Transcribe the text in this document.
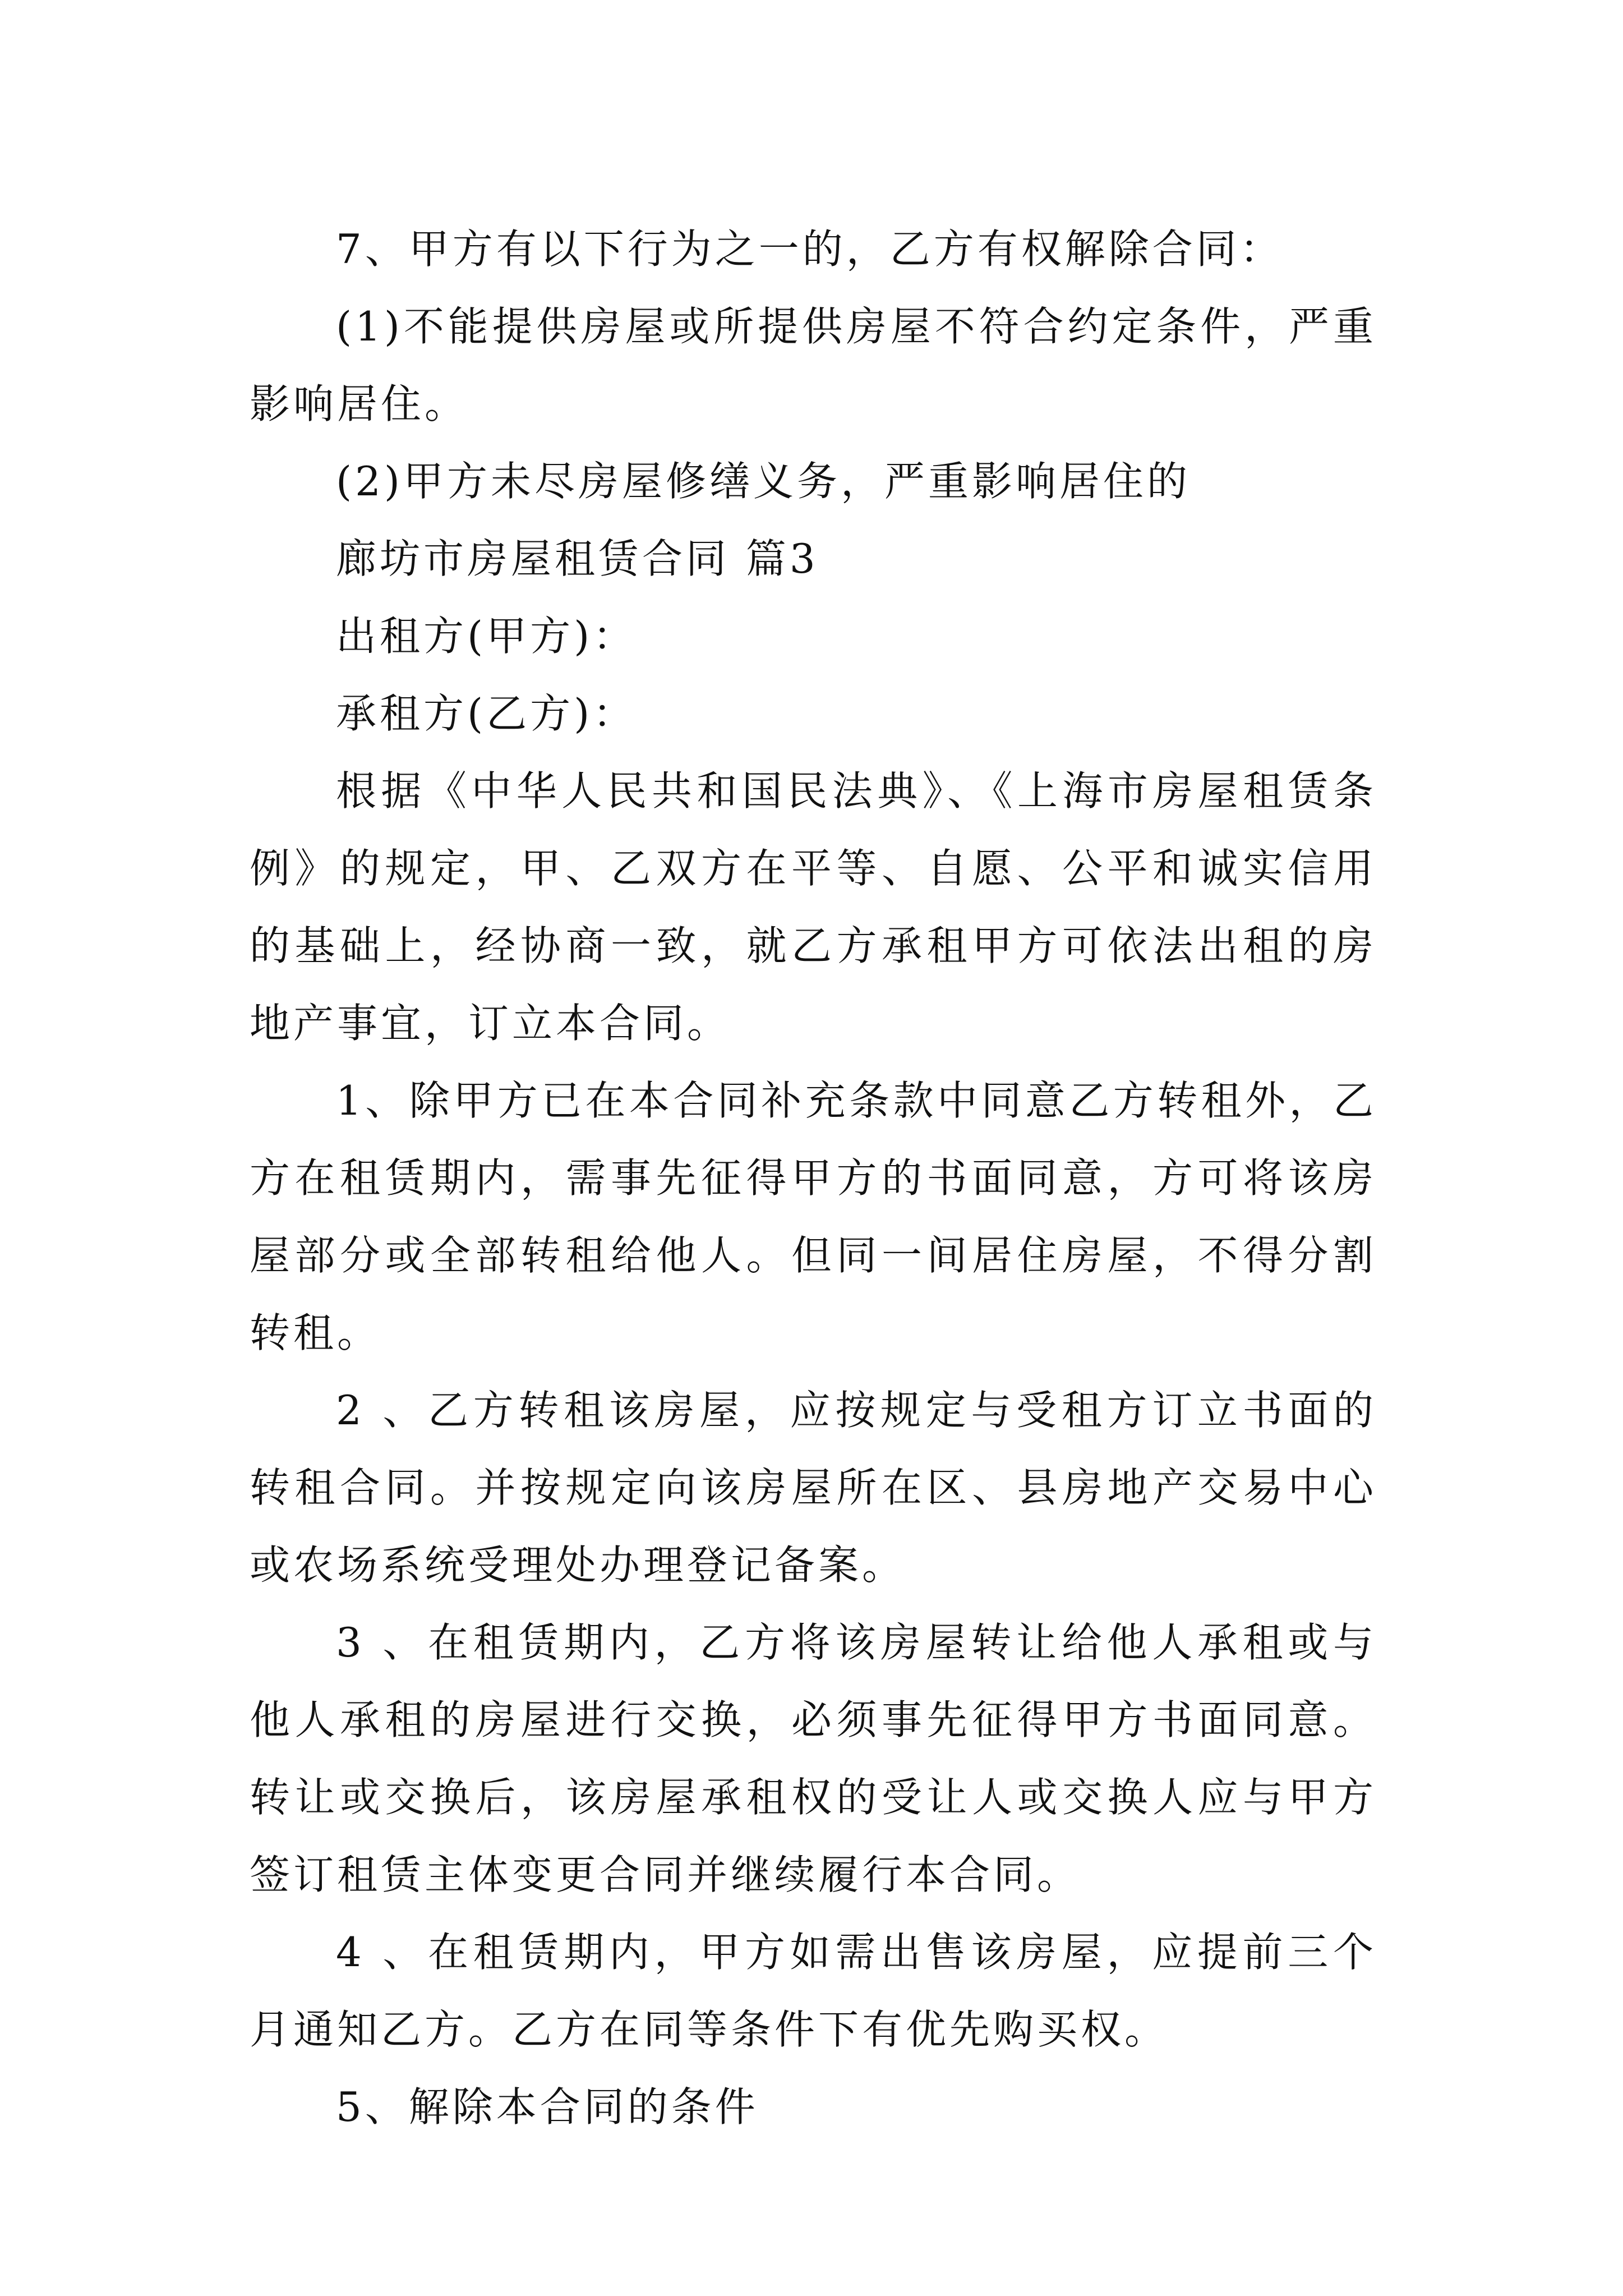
7、甲方有以下行为之一的，乙方有权解除合同：

(1)不能提供房屋或所提供房屋不符合约定条件，严重影响居住。

(2)甲方未尽房屋修缮义务，严重影响居住的

廊坊市房屋租赁合同 篇3

出租方(甲方)：

承租方(乙方)：

根据《中华人民共和国民法典》、《上海市房屋租赁条例》的规定，甲、乙双方在平等、自愿、公平和诚实信用的基础上，经协商一致，就乙方承租甲方可依法出租的房地产事宜，订立本合同。

1、除甲方已在本合同补充条款中同意乙方转租外，乙方在租赁期内，需事先征得甲方的书面同意，方可将该房屋部分或全部转租给他人。但同一间居住房屋，不得分割转租。

2 、乙方转租该房屋，应按规定与受租方订立书面的转租合同。并按规定向该房屋所在区、县房地产交易中心或农场系统受理处办理登记备案。

3 、在租赁期内，乙方将该房屋转让给他人承租或与他人承租的房屋进行交换，必须事先征得甲方书面同意。转让或交换后，该房屋承租权的受让人或交换人应与甲方签订租赁主体变更合同并继续履行本合同。

4 、在租赁期内，甲方如需出售该房屋，应提前三个月通知乙方。乙方在同等条件下有优先购买权。

5、解除本合同的条件
